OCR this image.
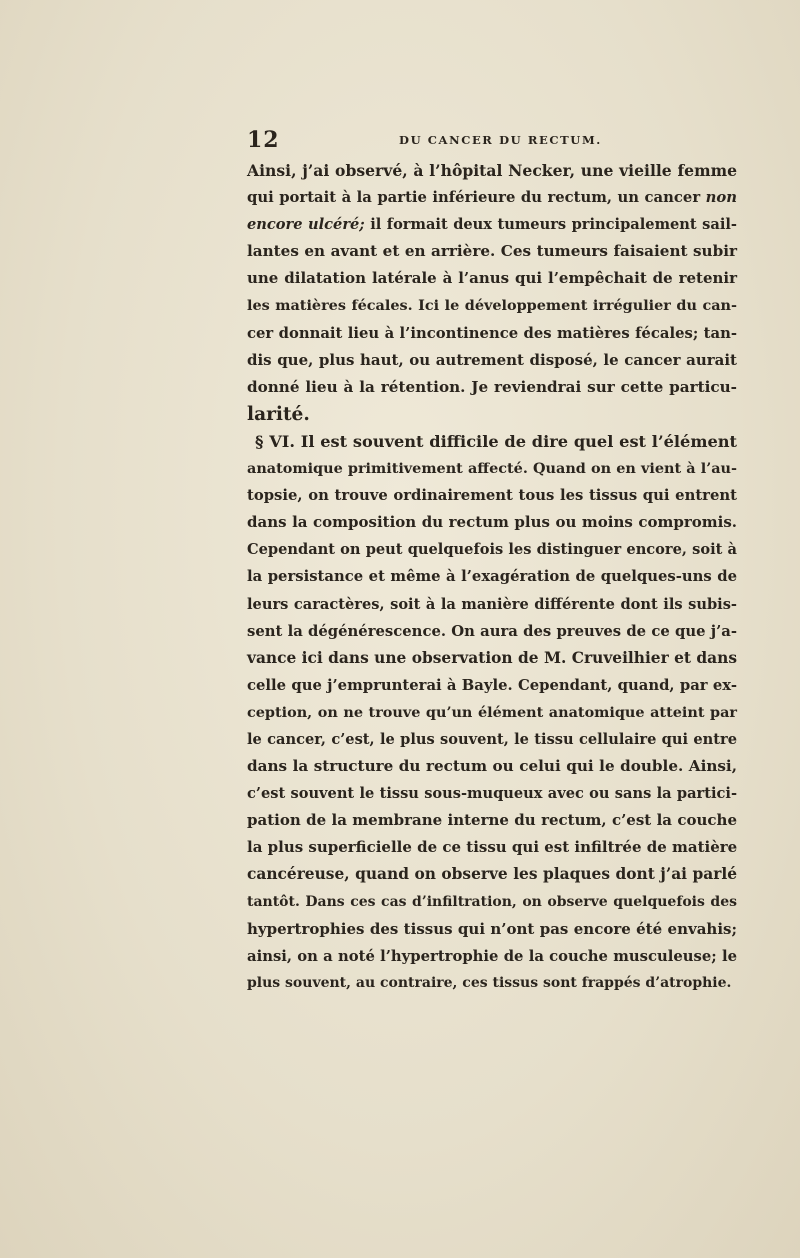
12	DU CANCER DU RECTUM.
Ainsi, j’ai observé, à l’hôpital Necker, une vieille femme
qui portait à la partie inférieure du rectum, un cancer non
encore ulcéré; il formait deux tumeurs principalement sail-
lantes en avant et en arrière. Ces tumeurs faisaient subir
une dilatation latérale à l’anus qui l’empêchait de retenir
les matières fécales. Ici le développement irrégulier du can-
cer donnait lieu à l’incontinence des matières fécales; tan-
dis que, plus haut, ou autrement disposé, le cancer aurait
donné lieu à la rétention. Je reviendrai sur cette particu-
larité.
§ VI. Il est souvent difficile de dire quel est l’élément
anatomique primitivement affecté. Quand on en vient à l’au-
topsie, on trouve ordinairement tous les tissus qui entrent
dans la composition du rectum plus ou moins compromis.
Cependant on peut quelquefois les distinguer encore, soit à
la persistance et même à l’exagération de quelques-uns de
leurs caractères, soit à la manière différente dont ils subis-
sent la dégénérescence. On aura des preuves de ce que j’a-
vance ici dans une observation de M. Cruveilhier et dans
celle que j’emprunterai à Bayle. Cependant, quand, par ex-
ception, on ne trouve qu’un élément anatomique atteint par
le cancer, c’est, le plus souvent, le tissu cellulaire qui entre
dans la structure du rectum ou celui qui le double. Ainsi,
c’est souvent le tissu sous-muqueux avec ou sans la partici-
pation de la membrane interne du rectum, c’est la couche
la plus superficielle de ce tissu qui est infiltrée de matière
cancéreuse, quand on observe les plaques dont j’ai parlé
tantôt. Dans ces cas d’infiltration, on observe quelquefois des
hypertrophies des tissus qui n’ont pas encore été envahis;
ainsi, on a noté l’hypertrophie de la couche musculeuse; le
plus souvent, au contraire, ces tissus sont frappés d’atrophie.
